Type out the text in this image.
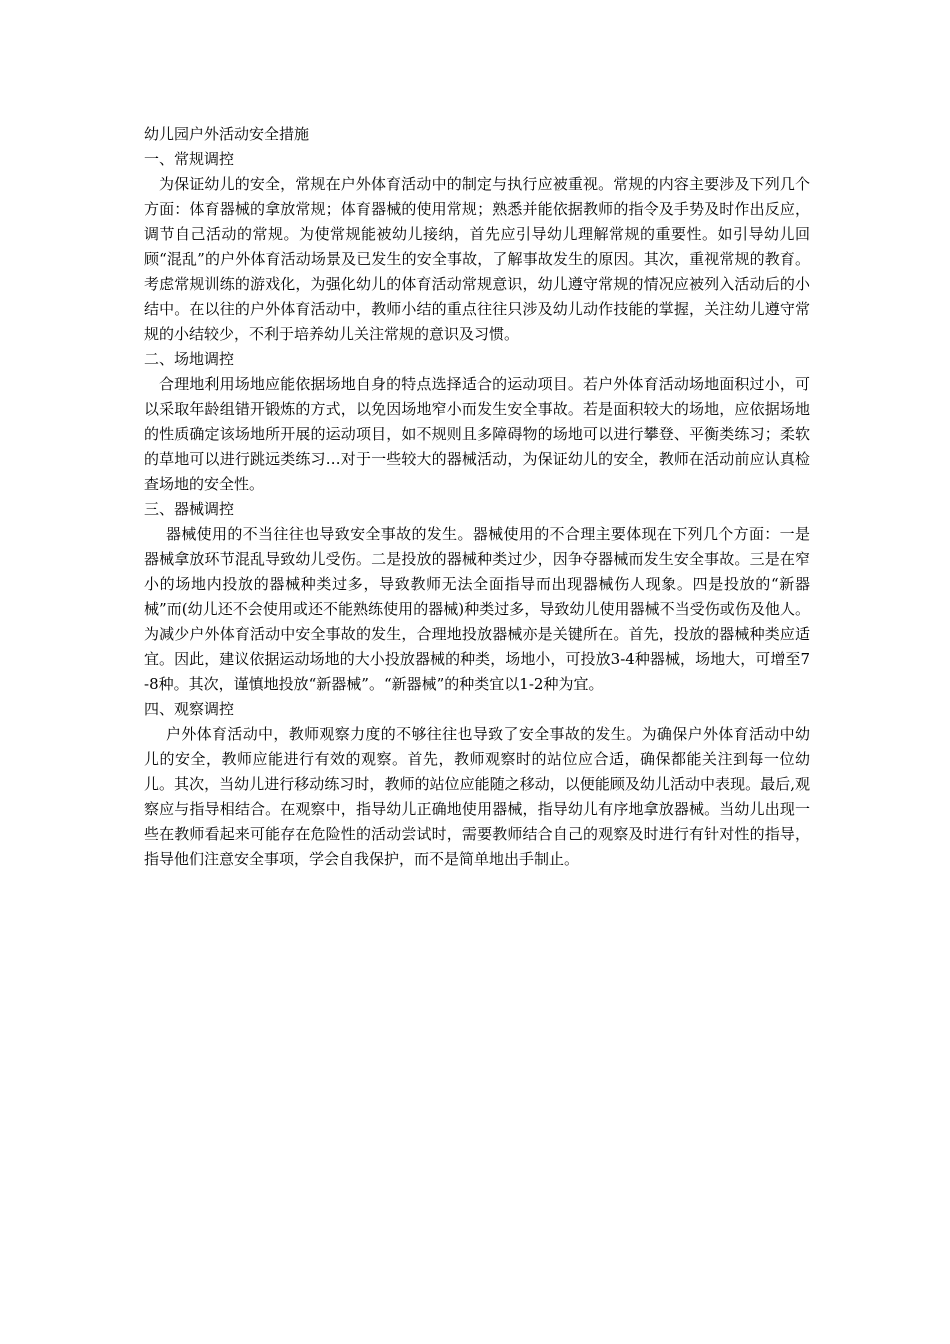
幼儿园户外活动安全措施
一、常规调控
为保证幼儿的安全，常规在户外体育活动中的制定与执行应被重视。常规的内容主要涉及下列几个方面：体育器械的拿放常规；体育器械的使用常规；熟悉并能依据教师的指令及手势及时作出反应，调节自己活动的常规。为使常规能被幼儿接纳，首先应引导幼儿理解常规的重要性。如引导幼儿回顾“混乱”的户外体育活动场景及已发生的安全事故，了解事故发生的原因。其次，重视常规的教育。考虑常规训练的游戏化，为强化幼儿的体育活动常规意识，幼儿遵守常规的情况应被列入活动后的小结中。在以往的户外体育活动中，教师小结的重点往往只涉及幼儿动作技能的掌握，关注幼儿遵守常规的小结较少，不利于培养幼儿关注常规的意识及习惯。
二、场地调控
合理地利用场地应能依据场地自身的特点选择适合的运动项目。若户外体育活动场地面积过小，可以采取年龄组错开锻炼的方式，以免因场地窄小而发生安全事故。若是面积较大的场地，应依据场地的性质确定该场地所开展的运动项目，如不规则且多障碍物的场地可以进行攀登、平衡类练习；柔软的草地可以进行跳远类练习…对于一些较大的器械活动，为保证幼儿的安全，教师在活动前应认真检查场地的安全性。
三、器械调控
器械使用的不当往往也导致安全事故的发生。器械使用的不合理主要体现在下列几个方面：一是器械拿放环节混乱导致幼儿受伤。二是投放的器械种类过少，因争夺器械而发生安全事故。三是在窄小的场地内投放的器械种类过多，导致教师无法全面指导而出现器械伤人现象。四是投放的“新器械”而(幼儿还不会使用或还不能熟练使用的器械)种类过多，导致幼儿使用器械不当受伤或伤及他人。为减少户外体育活动中安全事故的发生，合理地投放器械亦是关键所在。首先，投放的器械种类应适宜。因此，建议依据运动场地的大小投放器械的种类，场地小，可投放3-4种器械，场地大，可增至7-8种。其次，谨慎地投放“新器械”。“新器械”的种类宜以1-2种为宜。
四、观察调控
户外体育活动中，教师观察力度的不够往往也导致了安全事故的发生。为确保户外体育活动中幼儿的安全，教师应能进行有效的观察。首先，教师观察时的站位应合适，确保都能关注到每一位幼儿。其次，当幼儿进行移动练习时，教师的站位应能随之移动，以便能顾及幼儿活动中表现。最后,观察应与指导相结合。在观察中，指导幼儿正确地使用器械，指导幼儿有序地拿放器械。当幼儿出现一些在教师看起来可能存在危险性的活动尝试时，需要教师结合自己的观察及时进行有针对性的指导，指导他们注意安全事项，学会自我保护，而不是简单地出手制止。
